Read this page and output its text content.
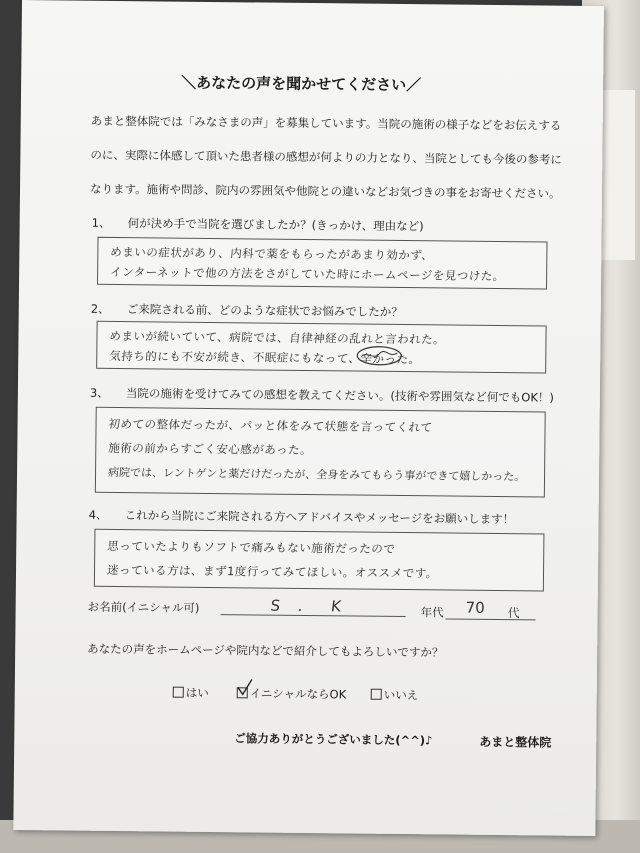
＼あなたの声を聞かせてください／
あまと整体院では「みなさまの声」を募集しています。当院の施術の様子などをお伝えする
のに、実際に体感して頂いた患者様の感想が何よりの力となり、当院としても今後の参考に
なります。施術や問診、院内の雰囲気や他院との違いなどお気づきの事をお寄せください。
1、 何が決め手で当院を選びましたか？(きっかけ、理由など)
めまいの症状があり、内科で薬をもらったがあまり効かず、
インターネットで他の方法をさがしていた時にホームページを見つけた。
2、 ご来院される前、どのような症状でお悩みでしたか？
めまいが続いていて、病院では、自律神経の乱れと言われた。
気持ち的にも不安が続き、不眠症にもなって、辛かった。
3、 当院の施術を受けてみての感想を教えてください。(技術や雰囲気など何でもOK！)
初めての整体だったが、パッと体をみて状態を言ってくれて
施術の前からすごく安心感があった。
病院では、レントゲンと薬だけだったが、全身をみてもらう事ができて嬉しかった。
4、 これから当院にご来院される方へアドバイスやメッセージをお願いします！
思っていたよりもソフトで痛みもない施術だったので
迷っている方は、まず1度行ってみてほしい。オススメです。
お名前(イニシャル可)	S．K	年代 70 代
あなたの声をホームページや院内などで紹介してもよろしいですか？
はい	イニシャルならOK	いいえ
ご協力ありがとうございました(^^)♪	あまと整体院
